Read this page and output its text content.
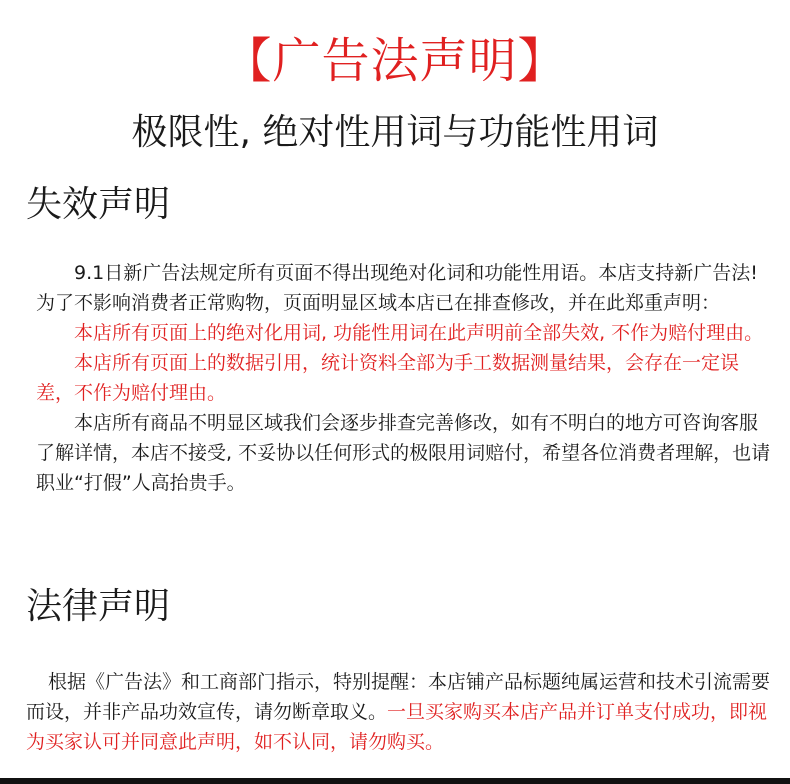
【广告法声明】
极限性, 绝对性用词与功能性用词
失效声明

9.1日新广告法规定所有页面不得出现绝对化词和功能性用语。本店支持新广告法!为了不影响消费者正常购物，页面明显区域本店已在排查修改，并在此郑重声明：

本店所有页面上的绝对化用词, 功能性用词在此声明前全部失效, 不作为赔付理由。

本店所有页面上的数据引用，统计资料全部为手工数据测量结果，会存在一定误差，不作为赔付理由。

本店所有商品不明显区域我们会逐步排查完善修改，如有不明白的地方可咨询客服了解详情，本店不接受, 不妥协以任何形式的极限用词赔付，希望各位消费者理解，也请职业“打假”人高抬贵手。

法律声明
根据《广告法》和工商部门指示，特别提醒：本店铺产品标题纯属运营和技术引流需要而设，并非产品功效宣传，请勿断章取义。一旦买家购买本店产品并订单支付成功，即视为买家认可并同意此声明，如不认同，请勿购买。
